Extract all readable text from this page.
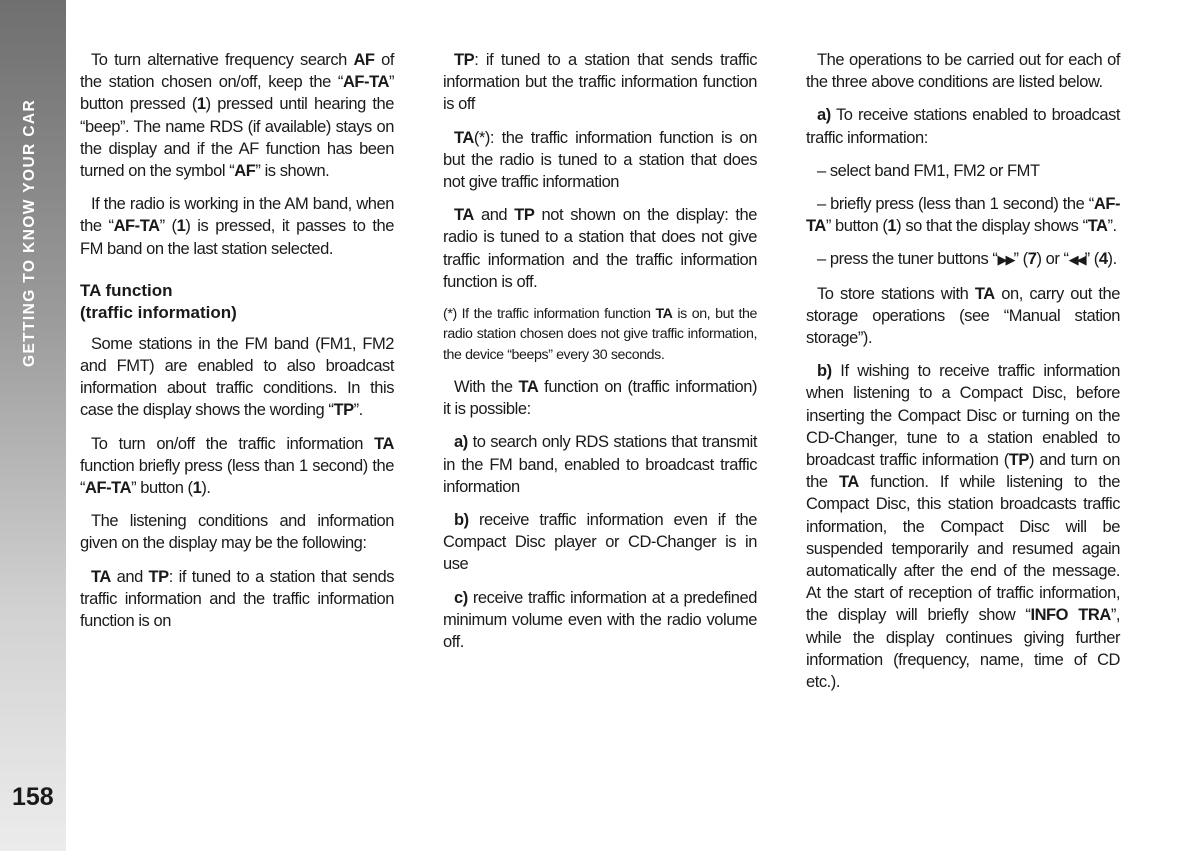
GETTING TO KNOW YOUR CAR
158

To turn alternative frequency search AF of the station chosen on/off, keep the “AF-TA” button pressed (1) pressed until hearing the “beep”. The name RDS (if available) stays on the display and if the AF function has been turned on the symbol “AF” is shown.

If the radio is working in the AM band, when the “AF-TA” (1) is pressed, it passes to the FM band on the last station selected.

TA function
(traffic information)

Some stations in the FM band (FM1, FM2 and FMT) are enabled to also broadcast information about traffic conditions. In this case the display shows the wording “TP”.

To turn on/off the traffic information TA function briefly press (less than 1 second) the “AF-TA” button (1).

The listening conditions and information given on the display may be the following:

TA and TP: if tuned to a station that sends traffic information and the traffic information function is on

TP: if tuned to a station that sends traffic information but the traffic information function is off

TA(*): the traffic information function is on but the radio is tuned to a station that does not give traffic information

TA and TP not shown on the display: the radio is tuned to a station that does not give traffic information and the traffic information function is off.

(*) If the traffic information function TA is on, but the radio station chosen does not give traffic information, the device “beeps” every 30 seconds.

With the TA function on (traffic information) it is possible:

a) to search only RDS stations that transmit in the FM band, enabled to broadcast traffic information

b) receive traffic information even if the Compact Disc player or CD-Changer is in use

c) receive traffic information at a predefined minimum volume even with the radio volume off.

The operations to be carried out for each of the three above conditions are listed below.

a) To receive stations enabled to broadcast traffic information:

– select band FM1, FM2 or FMT

– briefly press (less than 1 second) the “AF-TA” button (1) so that the display shows “TA”.

– press the tuner buttons “▶▶” (7) or “◀◀” (4).

To store stations with TA on, carry out the storage operations (see “Manual station storage”).

b) If wishing to receive traffic information when listening to a Compact Disc, before inserting the Compact Disc or turning on the CD-Changer, tune to a station enabled to broadcast traffic information (TP) and turn on the TA function. If while listening to the Compact Disc, this station broadcasts traffic information, the Compact Disc will be suspended temporarily and resumed again automatically after the end of the message. At the start of reception of traffic information, the display will briefly show “INFO TRA”, while the display continues giving further information (frequency, name, time of CD etc.).
